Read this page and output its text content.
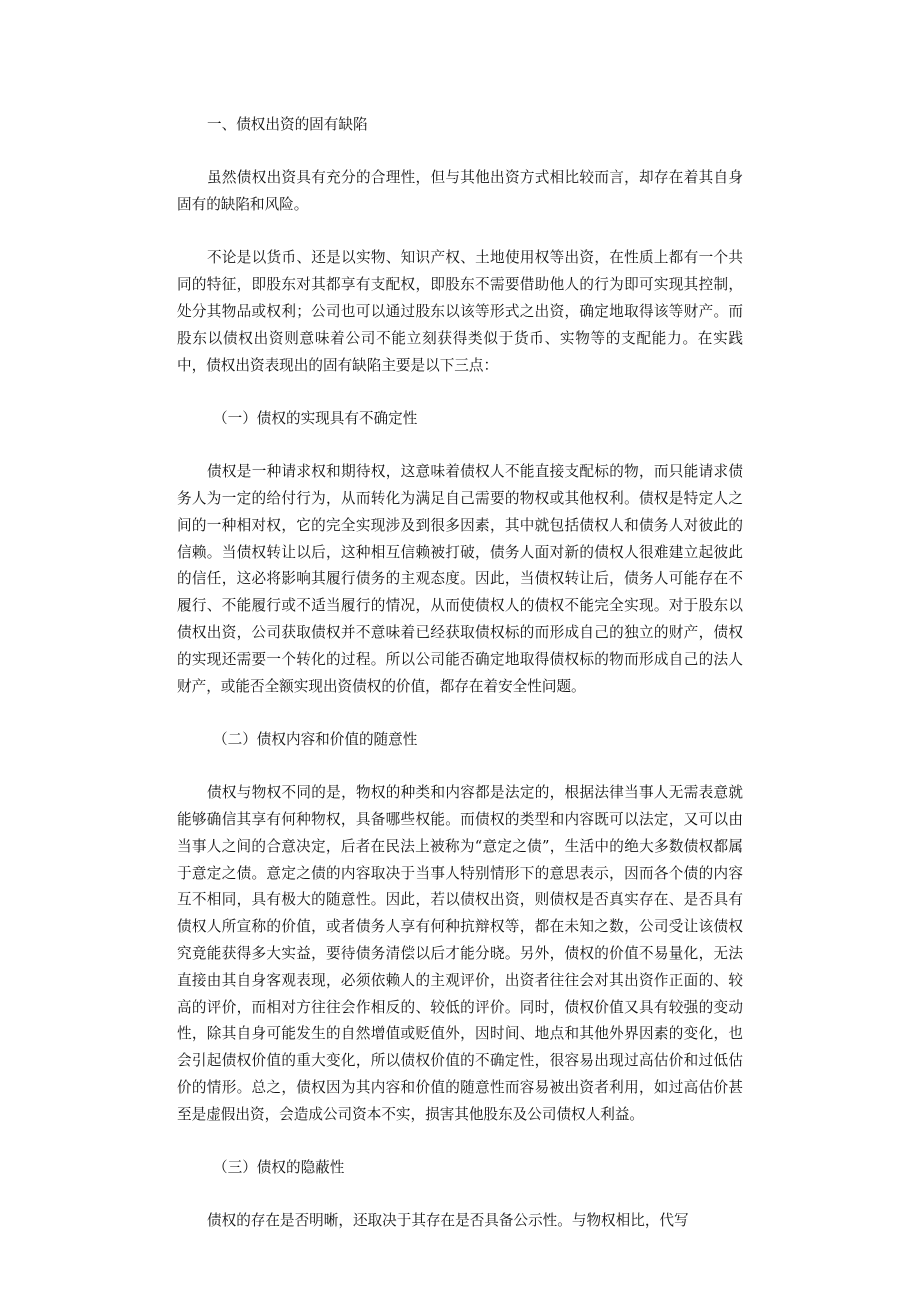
一、债权出资的固有缺陷

虽然债权出资具有充分的合理性，但与其他出资方式相比较而言，却存在着其自身固有的缺陷和风险。

不论是以货币、还是以实物、知识产权、土地使用权等出资，在性质上都有一个共同的特征，即股东对其都享有支配权，即股东不需要借助他人的行为即可实现其控制，处分其物品或权利；公司也可以通过股东以该等形式之出资，确定地取得该等财产。而股东以债权出资则意味着公司不能立刻获得类似于货币、实物等的支配能力。在实践中，债权出资表现出的固有缺陷主要是以下三点：

（一）债权的实现具有不确定性

债权是一种请求权和期待权，这意味着债权人不能直接支配标的物，而只能请求债务人为一定的给付行为，从而转化为满足自己需要的物权或其他权利。债权是特定人之间的一种相对权，它的完全实现涉及到很多因素，其中就包括债权人和债务人对彼此的信赖。当债权转让以后，这种相互信赖被打破，债务人面对新的债权人很难建立起彼此的信任，这必将影响其履行债务的主观态度。因此，当债权转让后，债务人可能存在不履行、不能履行或不适当履行的情况，从而使债权人的债权不能完全实现。对于股东以债权出资，公司获取债权并不意味着已经获取债权标的而形成自己的独立的财产，债权的实现还需要一个转化的过程。所以公司能否确定地取得债权标的物而形成自己的法人财产，或能否全额实现出资债权的价值，都存在着安全性问题。

（二）债权内容和价值的随意性

债权与物权不同的是，物权的种类和内容都是法定的，根据法律当事人无需表意就能够确信其享有何种物权，具备哪些权能。而债权的类型和内容既可以法定，又可以由当事人之间的合意决定，后者在民法上被称为“意定之债”，生活中的绝大多数债权都属于意定之债。意定之债的内容取决于当事人特别情形下的意思表示，因而各个债的内容互不相同，具有极大的随意性。因此，若以债权出资，则债权是否真实存在、是否具有债权人所宣称的价值，或者债务人享有何种抗辩权等，都在未知之数，公司受让该债权究竟能获得多大实益，要待债务清偿以后才能分晓。另外，债权的价值不易量化，无法直接由其自身客观表现，必须依赖人的主观评价，出资者往往会对其出资作正面的、较高的评价，而相对方往往会作相反的、较低的评价。同时，债权价值又具有较强的变动性，除其自身可能发生的自然增值或贬值外，因时间、地点和其他外界因素的变化，也会引起债权价值的重大变化，所以债权价值的不确定性，很容易出现过高估价和过低估价的情形。总之，债权因为其内容和价值的随意性而容易被出资者利用，如过高估价甚至是虚假出资，会造成公司资本不实，损害其他股东及公司债权人利益。

（三）债权的隐蔽性

债权的存在是否明晰，还取决于其存在是否具备公示性。与物权相比，代写
